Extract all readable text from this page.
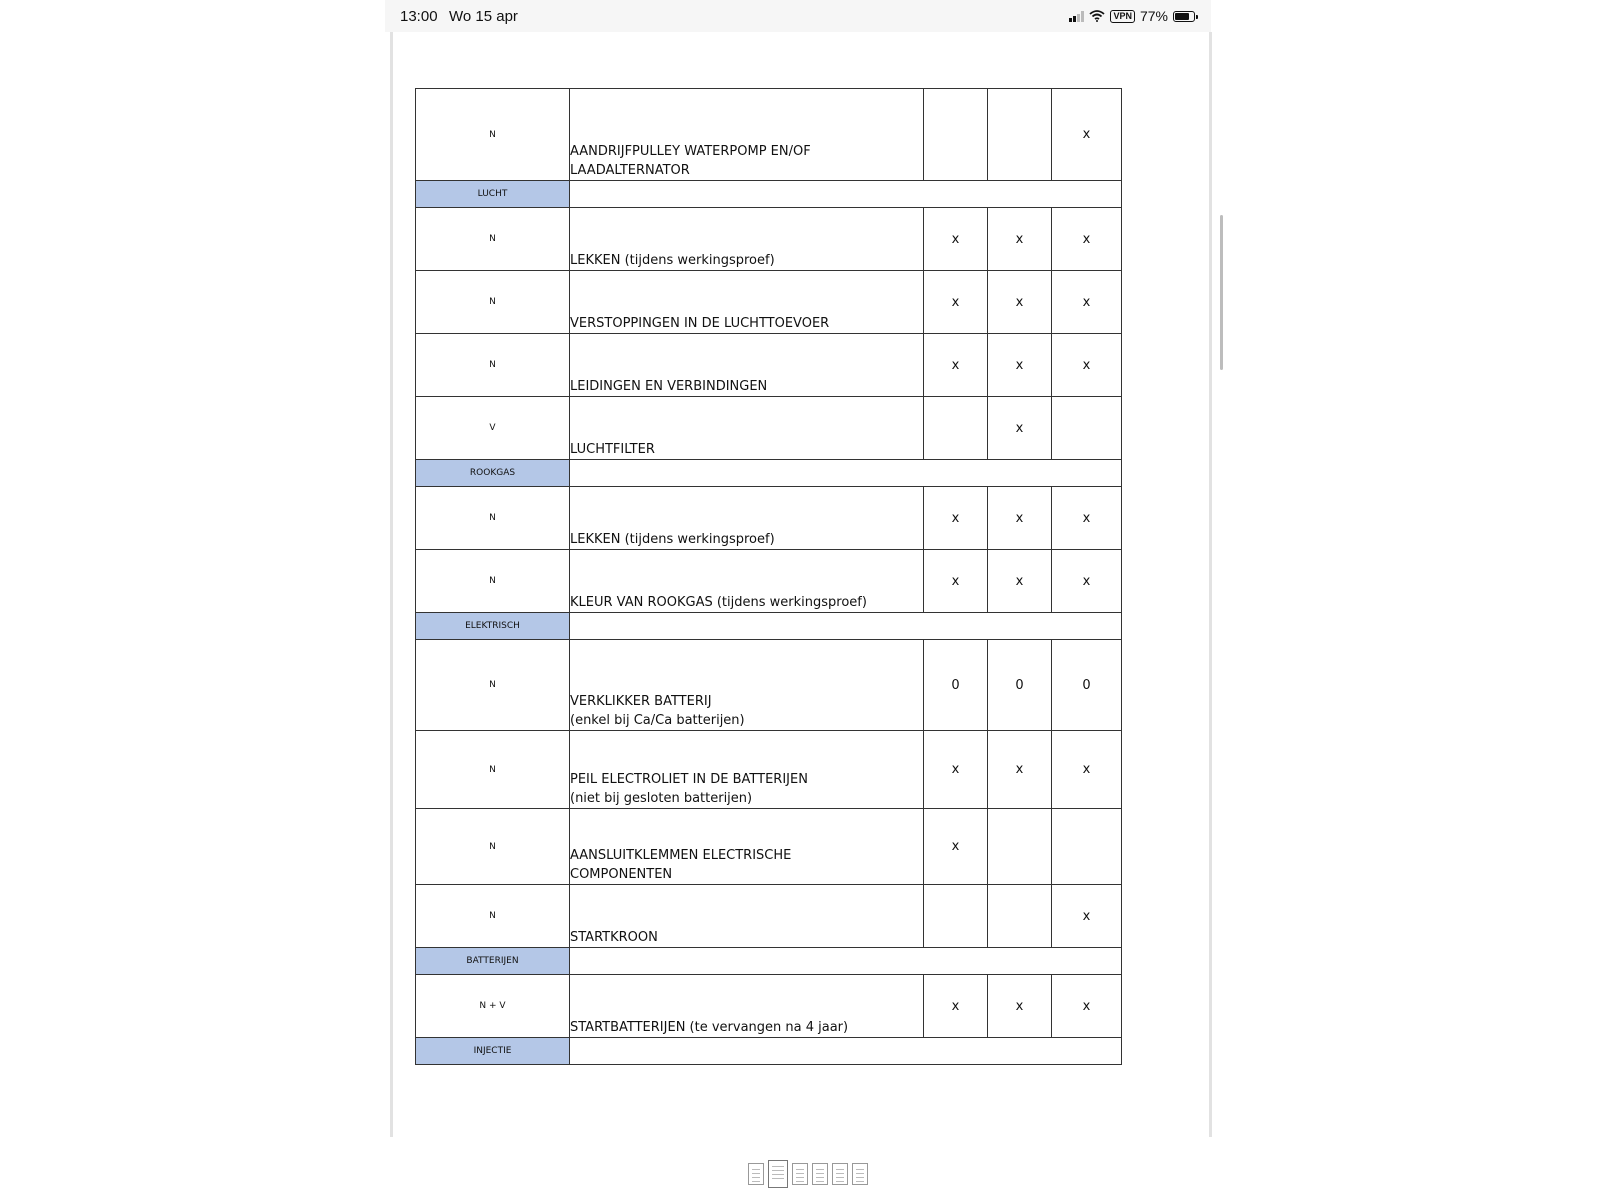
13:00 Wo 15 apr	VPN 77%
N	AANDRIJFPULLEY WATERPOMP EN/OF
LAADALTERNATOR			x
LUCHT				
N	LEKKEN (tijdens werkingsproef)	x	x	x
N	VERSTOPPINGEN IN DE LUCHTTOEVOER	x	x	x
N	LEIDINGEN EN VERBINDINGEN	x	x	x
V	LUCHTFILTER		x	
ROOKGAS				
N	LEKKEN (tijdens werkingsproef)	x	x	x
N	KLEUR VAN ROOKGAS (tijdens werkingsproef)	x	x	x
ELEKTRISCH				
N	VERKLIKKER BATTERIJ
(enkel bij Ca/Ca batterijen)	0	0	0
N	PEIL ELECTROLIET IN DE BATTERIJEN
(niet bij gesloten batterijen)	x	x	x
N	AANSLUITKLEMMEN ELECTRISCHE
COMPONENTEN	x		
N	STARTKROON			x
BATTERIJEN				
N + V	STARTBATTERIJEN (te vervangen na 4 jaar)	x	x	x
INJECTIE				
